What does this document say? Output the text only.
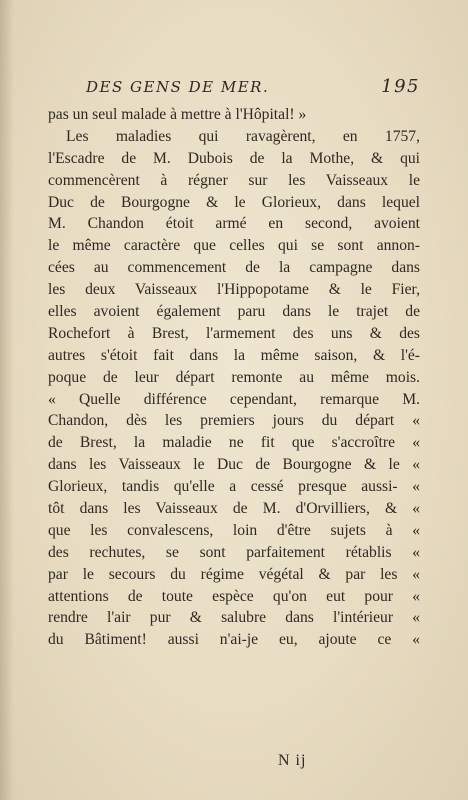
DES GENS DE MER.	195
pas un seul malade à mettre à l'Hôpital! »
Les maladies qui ravagèrent, en 1757,
l'Escadre de M. Dubois de la Mothe, & qui
commencèrent à régner sur les Vaisseaux le
Duc de Bourgogne & le Glorieux, dans lequel
M. Chandon étoit armé en second, avoient
le même caractère que celles qui se sont annon-
cées au commencement de la campagne dans
les deux Vaisseaux l'Hippopotame & le Fier,
elles avoient également paru dans le trajet de
Rochefort à Brest, l'armement des uns & des
autres s'étoit fait dans la même saison, & l'é-
poque de leur départ remonte au même mois.
« Quelle différence cependant, remarque M.
Chandon, dès les premiers jours du départ «
de Brest, la maladie ne fit que s'accroître «
dans les Vaisseaux le Duc de Bourgogne & le «
Glorieux, tandis qu'elle a cessé presque aussi- «
tôt dans les Vaisseaux de M. d'Orvilliers, & «
que les convalescens, loin d'être sujets à «
des rechutes, se sont parfaitement rétablis «
par le secours du régime végétal & par les «
attentions de toute espèce qu'on eut pour «
rendre l'air pur & salubre dans l'intérieur «
du Bâtiment! aussi n'ai-je eu, ajoute ce «
N ij
